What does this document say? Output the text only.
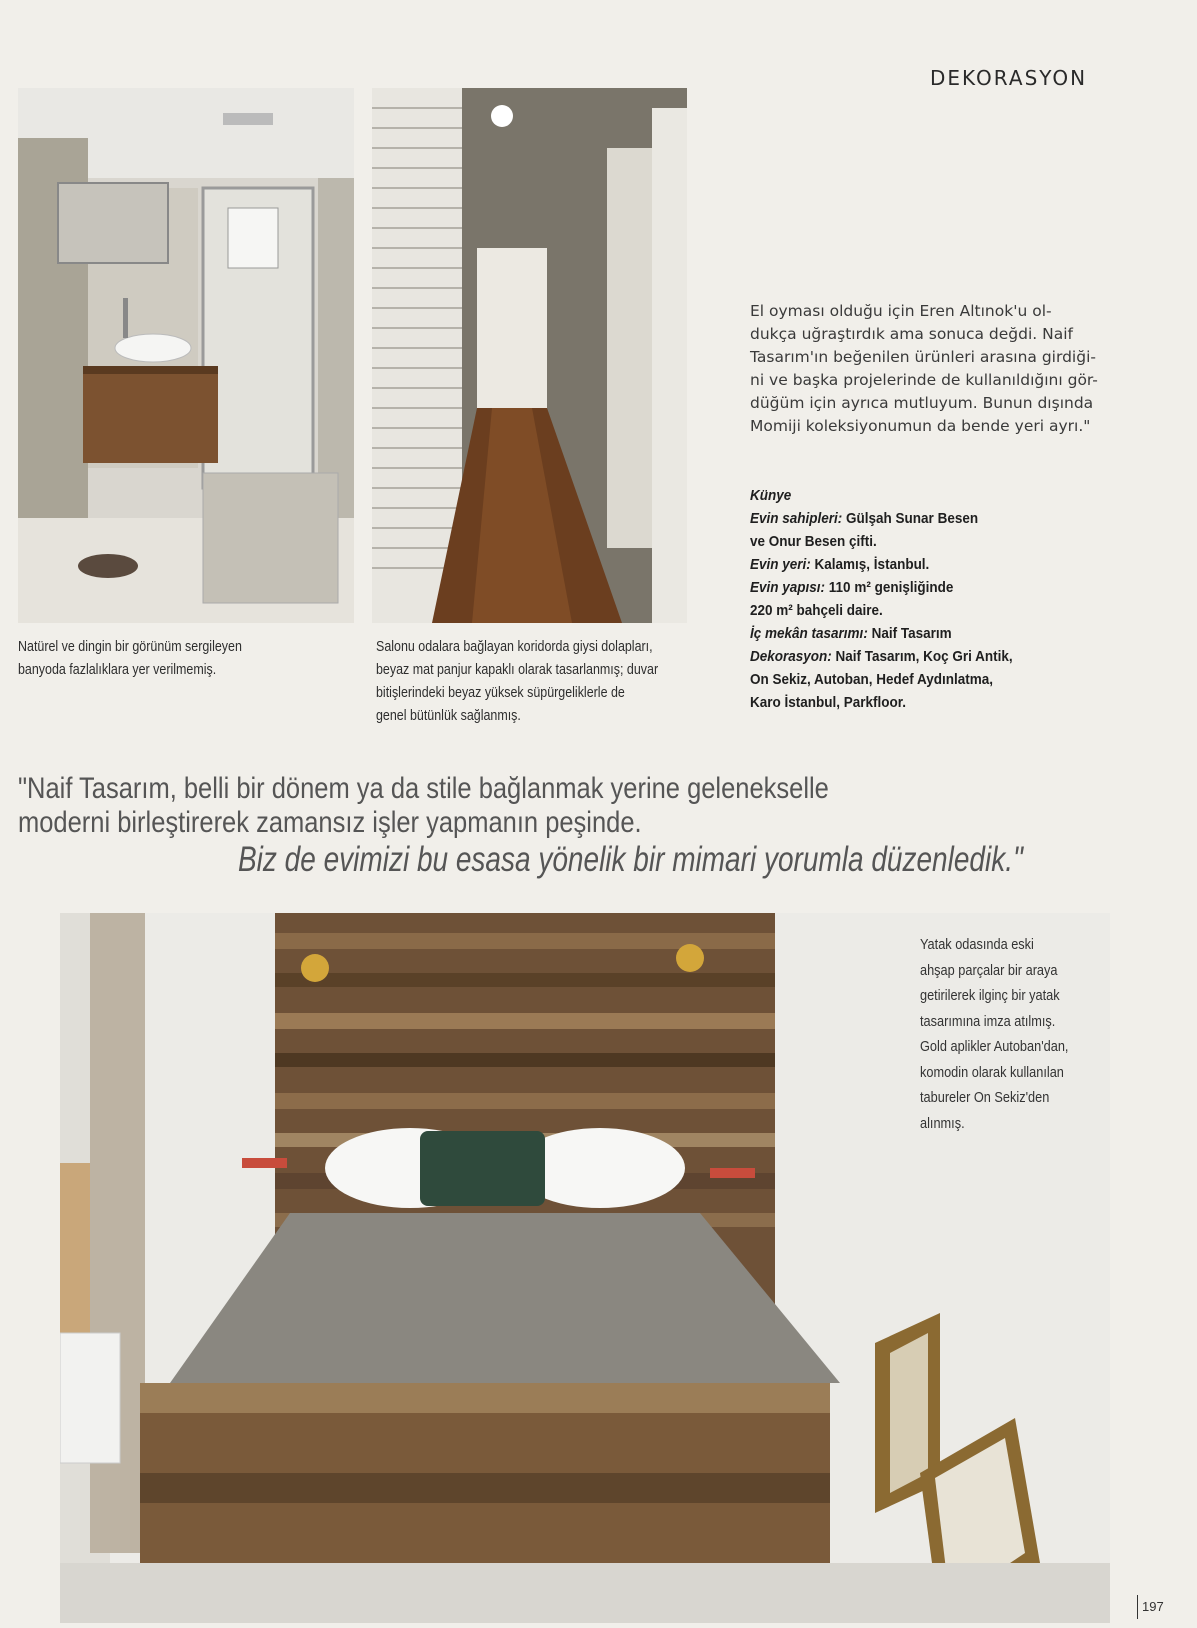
DEKORASYON
Natürel ve dingin bir görünüm sergileyen
banyoda fazlalıklara yer verilmemiş.
Salonu odalara bağlayan koridorda giysi dolapları,
beyaz mat panjur kapaklı olarak tasarlanmış; duvar
bitişlerindeki beyaz yüksek süpürgeliklerle de
genel bütünlük sağlanmış.
El oyması olduğu için Eren Altınok'u ol-
dukça uğraştırdık ama sonuca değdi. Naif
Tasarım'ın beğenilen ürünleri arasına girdiği-
ni ve başka projelerinde de kullanıldığını gör-
düğüm için ayrıca mutluyum. Bunun dışında
Momiji koleksiyonumun da bende yeri ayrı."
Künye
Evin sahipleri: Gülşah Sunar Besen
ve Onur Besen çifti.
Evin yeri: Kalamış, İstanbul.
Evin yapısı: 110 m² genişliğinde
220 m² bahçeli daire.
İç mekân tasarımı: Naif Tasarım
Dekorasyon: Naif Tasarım, Koç Gri Antik,
On Sekiz, Autoban, Hedef Aydınlatma,
Karo İstanbul, Parkfloor.
"Naif Tasarım, belli bir dönem ya da stile bağlanmak yerine gelenekselle
moderni birleştirerek zamansız işler yapmanın peşinde.
Biz de evimizi bu esasa yönelik bir mimari yorumla düzenledik."
Yatak odasında eski
ahşap parçalar bir araya
getirilerek ilginç bir yatak
tasarımına imza atılmış.
Gold aplikler Autoban'dan,
komodin olarak kullanılan
tabureler On Sekiz'den
alınmış.
197
